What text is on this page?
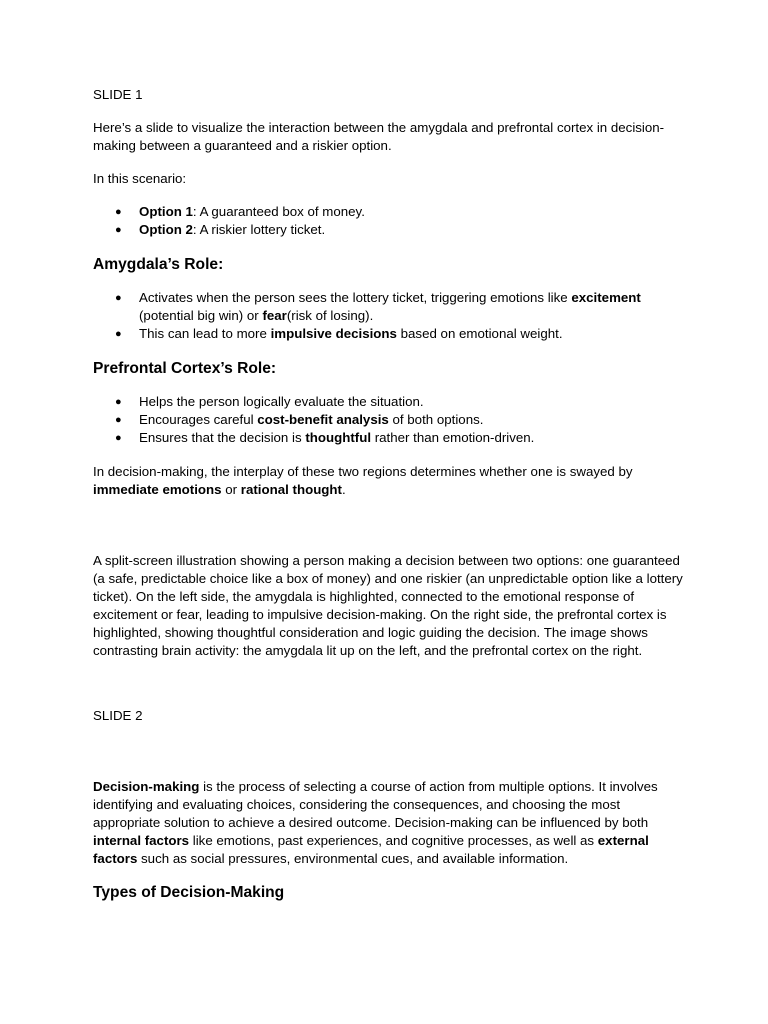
SLIDE 1

Here’s a slide to visualize the interaction between the amygdala and prefrontal cortex in decision-making between a guaranteed and a riskier option.

In this scenario:

● Option 1: A guaranteed box of money.
● Option 2: A riskier lottery ticket.
Amygdala’s Role:
● Activates when the person sees the lottery ticket, triggering emotions like excitement (potential big win) or fear(risk of losing).
● This can lead to more impulsive decisions based on emotional weight.
Prefrontal Cortex’s Role:
● Helps the person logically evaluate the situation.
● Encourages careful cost-benefit analysis of both options.
● Ensures that the decision is thoughtful rather than emotion-driven.

In decision-making, the interplay of these two regions determines whether one is swayed by immediate emotions or rational thought.

A split-screen illustration showing a person making a decision between two options: one guaranteed (a safe, predictable choice like a box of money) and one riskier (an unpredictable option like a lottery ticket). On the left side, the amygdala is highlighted, connected to the emotional response of excitement or fear, leading to impulsive decision-making. On the right side, the prefrontal cortex is highlighted, showing thoughtful consideration and logic guiding the decision. The image shows contrasting brain activity: the amygdala lit up on the left, and the prefrontal cortex on the right.

SLIDE 2

Decision-making is the process of selecting a course of action from multiple options. It involves identifying and evaluating choices, considering the consequences, and choosing the most appropriate solution to achieve a desired outcome. Decision-making can be influenced by both internal factors like emotions, past experiences, and cognitive processes, as well as external factors such as social pressures, environmental cues, and available information.

Types of Decision-Making
